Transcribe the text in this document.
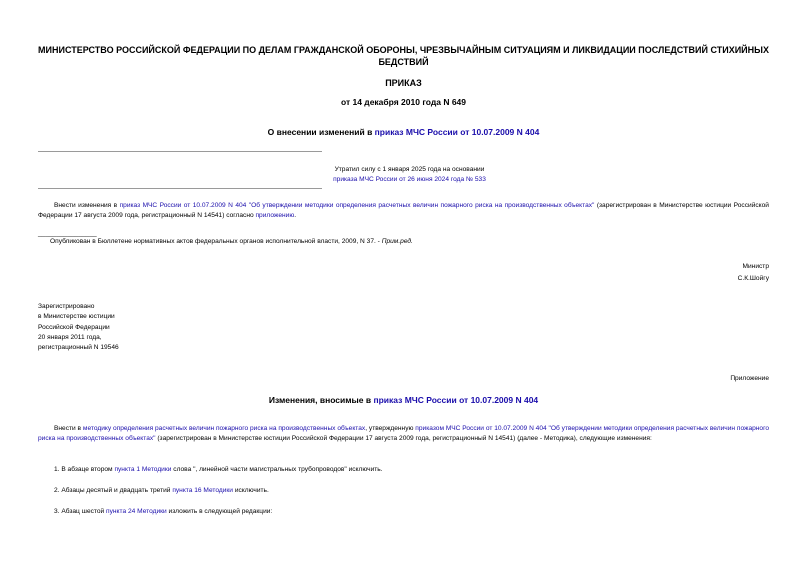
МИНИСТЕРСТВО РОССИЙСКОЙ ФЕДЕРАЦИИ ПО ДЕЛАМ ГРАЖДАНСКОЙ ОБОРОНЫ, ЧРЕЗВЫЧАЙНЫМ СИТУАЦИЯМ И ЛИКВИДАЦИИ ПОСЛЕДСТВИЙ СТИХИЙНЫХ
БЕДСТВИЙ
ПРИКАЗ
от 14 декабря 2010 года N 649
О внесении изменений в приказ МЧС России от 10.07.2009 N 404
Утратил силу с 1 января 2025 года на основании
приказа МЧС России от 26 июня 2024 года № 533
Внести изменения в приказ МЧС России от 10.07.2009 N 404 "Об утверждении методики определения расчетных величин пожарного риска на производственных объектах" (зарегистрирован в Министерстве юстиции Российской Федерации 17 августа 2009 года, регистрационный N 14541) согласно приложению.
________________
Опубликован в Бюллетене нормативных актов федеральных органов исполнительной власти, 2009, N 37. - Прим.ред.
Министр
С.К.Шойгу
Зарегистрировано
в Министерстве юстиции
Российской Федерации
20 января 2011 года,
регистрационный N 19546
Приложение
Изменения, вносимые в приказ МЧС России от 10.07.2009 N 404
Внести в методику определения расчетных величин пожарного риска на производственных объектах, утвержденную приказом МЧС России от 10.07.2009 N 404 "Об утверждении методики определения расчетных величин пожарного риска на производственных объектах" (зарегистрирован в Министерстве юстиции Российской Федерации 17 августа 2009 года, регистрационный N 14541) (далее - Методика), следующие изменения:
1. В абзаце втором пункта 1 Методики слова ", линейной части магистральных трубопроводов" исключить.
2. Абзацы десятый и двадцать третий пункта 16 Методики исключить.
3. Абзац шестой пункта 24 Методики изложить в следующей редакции:
